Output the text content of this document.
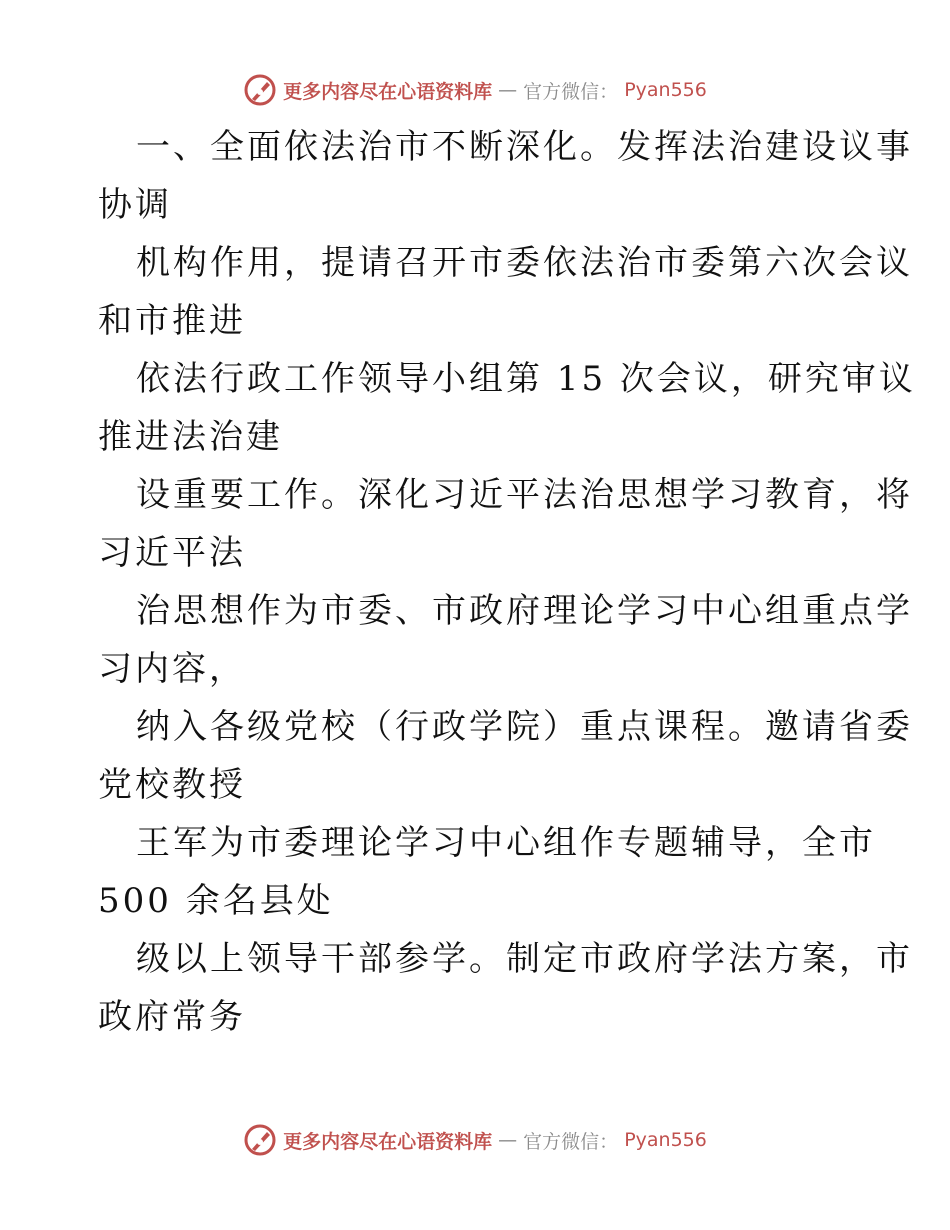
更多内容尽在心语资料库 — 官方微信： Pyan556
一、全面依法治市不断深化。发挥法治建设议事
协调
机构作用，提请召开市委依法治市委第六次会议
和市推进
依法行政工作领导小组第 15 次会议，研究审议
推进法治建
设重要工作。深化习近平法治思想学习教育，将
习近平法
治思想作为市委、市政府理论学习中心组重点学
习内容，
纳入各级党校（行政学院）重点课程。邀请省委
党校教授
王军为市委理论学习中心组作专题辅导，全市
500 余名县处
级以上领导干部参学。制定市政府学法方案，市
政府常务
更多内容尽在心语资料库 — 官方微信： Pyan556
